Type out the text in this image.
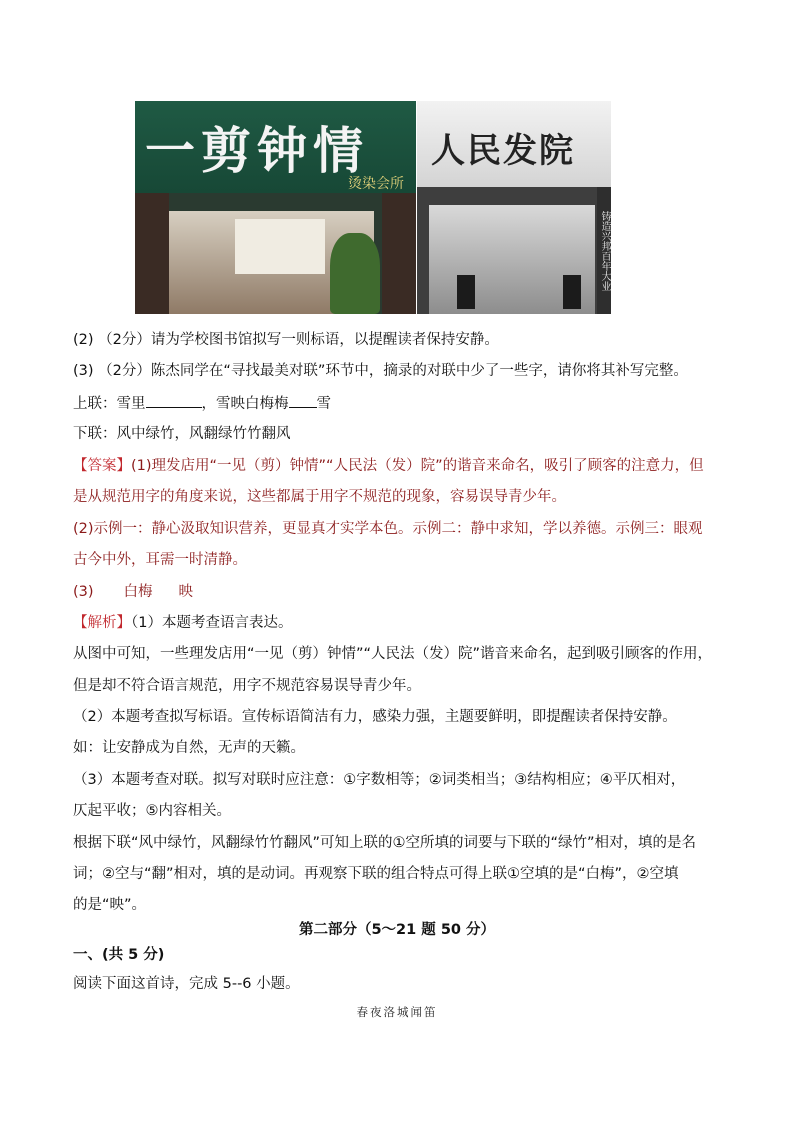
一剪钟情
烫染会所
人民发院
铸造兴邦百年大业
(2) （2分）请为学校图书馆拟写一则标语，以提醒读者保持安静。
(3) （2分）陈杰同学在“寻找最美对联”环节中，摘录的对联中少了一些字，请你将其补写完整。
上联：雪里	，雪映白梅梅 雪
下联：风中绿竹，风翻绿竹竹翻风
【答案】(1)理发店用“一见（剪）钟情”“人民法（发）院”的谐音来命名，吸引了顾客的注意力，但
是从规范用字的角度来说，这些都属于用字不规范的现象，容易误导青少年。
(2)示例一：静心汲取知识营养，更显真才实学本色。示例二：静中求知，学以养德。示例三：眼观
古今中外，耳需一时清静。
(3) 白梅 映
【解析】（1）本题考查语言表达。
从图中可知，一些理发店用“一见（剪）钟情”“人民法（发）院”谐音来命名，起到吸引顾客的作用，
但是却不符合语言规范，用字不规范容易误导青少年。
（2）本题考查拟写标语。宣传标语简洁有力，感染力强，主题要鲜明，即提醒读者保持安静。
如：让安静成为自然，无声的天籁。
（3）本题考查对联。拟写对联时应注意：①字数相等；②词类相当；③结构相应；④平仄相对，
仄起平收；⑤内容相关。
根据下联“风中绿竹，风翻绿竹竹翻风”可知上联的①空所填的词要与下联的“绿竹”相对，填的是名
词；②空与“翻”相对，填的是动词。再观察下联的组合特点可得上联①空填的是“白梅”，②空填
的是“映”。
第二部分（5～21 题 50 分）
一、(共 5 分)
阅读下面这首诗，完成 5--6 小题。
春夜洛城闻笛
